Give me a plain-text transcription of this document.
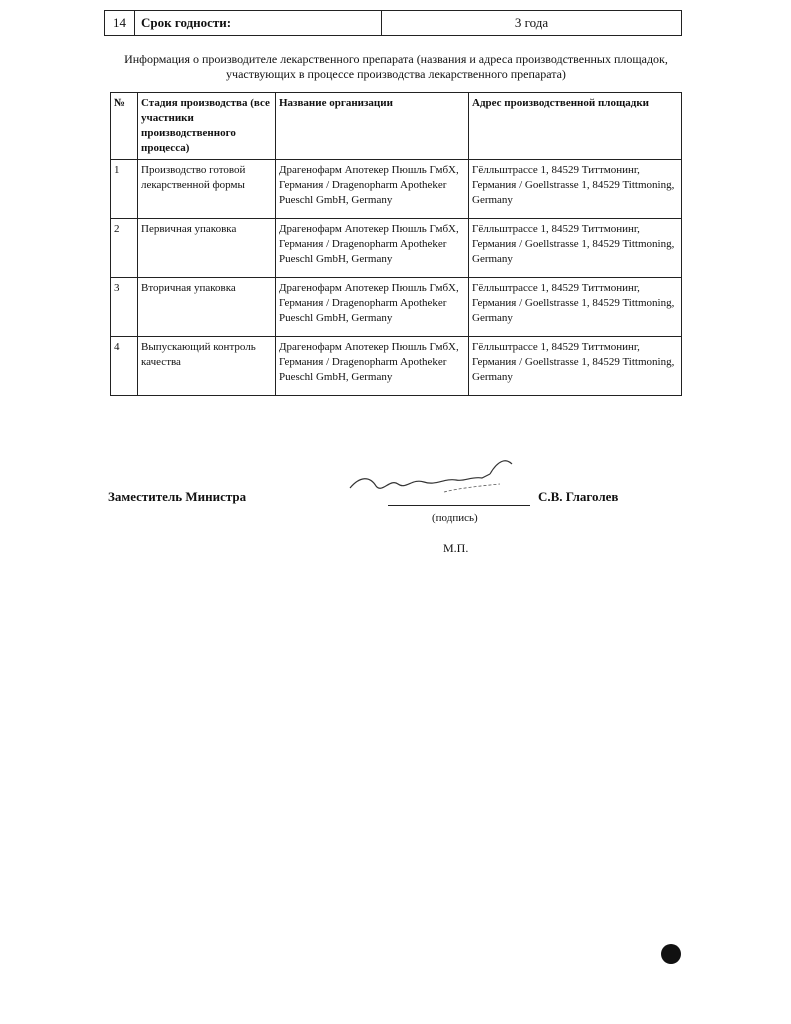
14	Срок годности:	3 года
Информация о производителе лекарственного препарата (названия и адреса производственных площадок, участвующих в процессе производства лекарственного препарата)
№	Стадия производства (все участники производственного процесса)	Название организации	Адрес производственной площадки
1	Производство готовой лекарственной формы	Драгенофарм Апотекер Пюшль ГмбХ, Германия / Dragenopharm Apotheker Pueschl GmbH, Germany	Гёлльштрассе 1, 84529 Титтмонинг, Германия / Goellstrasse 1, 84529 Tittmoning, Germany
2	Первичная упаковка	Драгенофарм Апотекер Пюшль ГмбХ, Германия / Dragenopharm Apotheker Pueschl GmbH, Germany	Гёлльштрассе 1, 84529 Титтмонинг, Германия / Goellstrasse 1, 84529 Tittmoning, Germany
3	Вторичная упаковка	Драгенофарм Апотекер Пюшль ГмбХ, Германия / Dragenopharm Apotheker Pueschl GmbH, Germany	Гёлльштрассе 1, 84529 Титтмонинг, Германия / Goellstrasse 1, 84529 Tittmoning, Germany
4	Выпускающий контроль качества	Драгенофарм Апотекер Пюшль ГмбХ, Германия / Dragenopharm Apotheker Pueschl GmbH, Germany	Гёлльштрассе 1, 84529 Титтмонинг, Германия / Goellstrasse 1, 84529 Tittmoning, Germany
Заместитель Министра	С.В. Глаголев
(подпись)
М.П.
